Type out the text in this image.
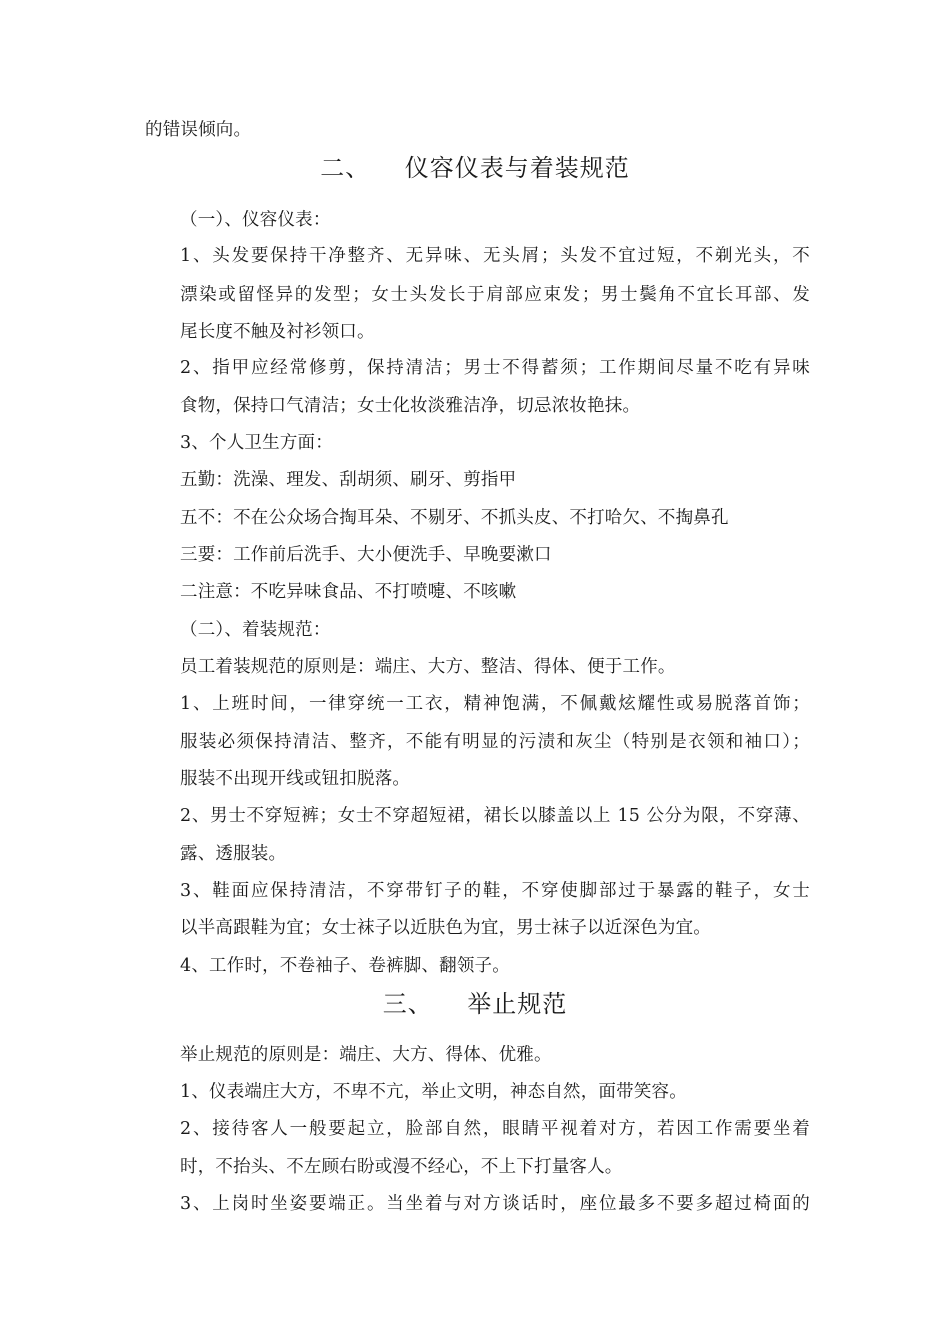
的错误倾向。
二、    仪容仪表与着装规范
（一）、仪容仪表：
1、头发要保持干净整齐、无异味、无头屑；头发不宜过短，不剃光头，不
漂染或留怪异的发型；女士头发长于肩部应束发；男士鬓角不宜长耳部、发
尾长度不触及衬衫领口。
2、指甲应经常修剪，保持清洁；男士不得蓄须；工作期间尽量不吃有异味
食物，保持口气清洁；女士化妆淡雅洁净，切忌浓妆艳抹。
3、个人卫生方面：
五勤：洗澡、理发、刮胡须、刷牙、剪指甲
五不：不在公众场合掏耳朵、不剔牙、不抓头皮、不打哈欠、不掏鼻孔
三要：工作前后洗手、大小便洗手、早晚要漱口
二注意：不吃异味食品、不打喷嚏、不咳嗽
（二）、着装规范：
员工着装规范的原则是：端庄、大方、整洁、得体、便于工作。
1、上班时间，一律穿统一工衣，精神饱满，不佩戴炫耀性或易脱落首饰；
服装必须保持清洁、整齐，不能有明显的污渍和灰尘（特别是衣领和袖口）；
服装不出现开线或钮扣脱落。
2、男士不穿短裤；女士不穿超短裙，裙长以膝盖以上 15 公分为限，不穿薄、
露、透服装。
3、鞋面应保持清洁，不穿带钉子的鞋，不穿使脚部过于暴露的鞋子，女士
以半高跟鞋为宜；女士袜子以近肤色为宜，男士袜子以近深色为宜。
4、工作时，不卷袖子、卷裤脚、翻领子。
三、    举止规范
举止规范的原则是：端庄、大方、得体、优雅。
1、仪表端庄大方，不卑不亢，举止文明，神态自然，面带笑容。
2、接待客人一般要起立，脸部自然，眼睛平视着对方，若因工作需要坐着
时，不抬头、不左顾右盼或漫不经心，不上下打量客人。
3、上岗时坐姿要端正。当坐着与对方谈话时，座位最多不要多超过椅面的
